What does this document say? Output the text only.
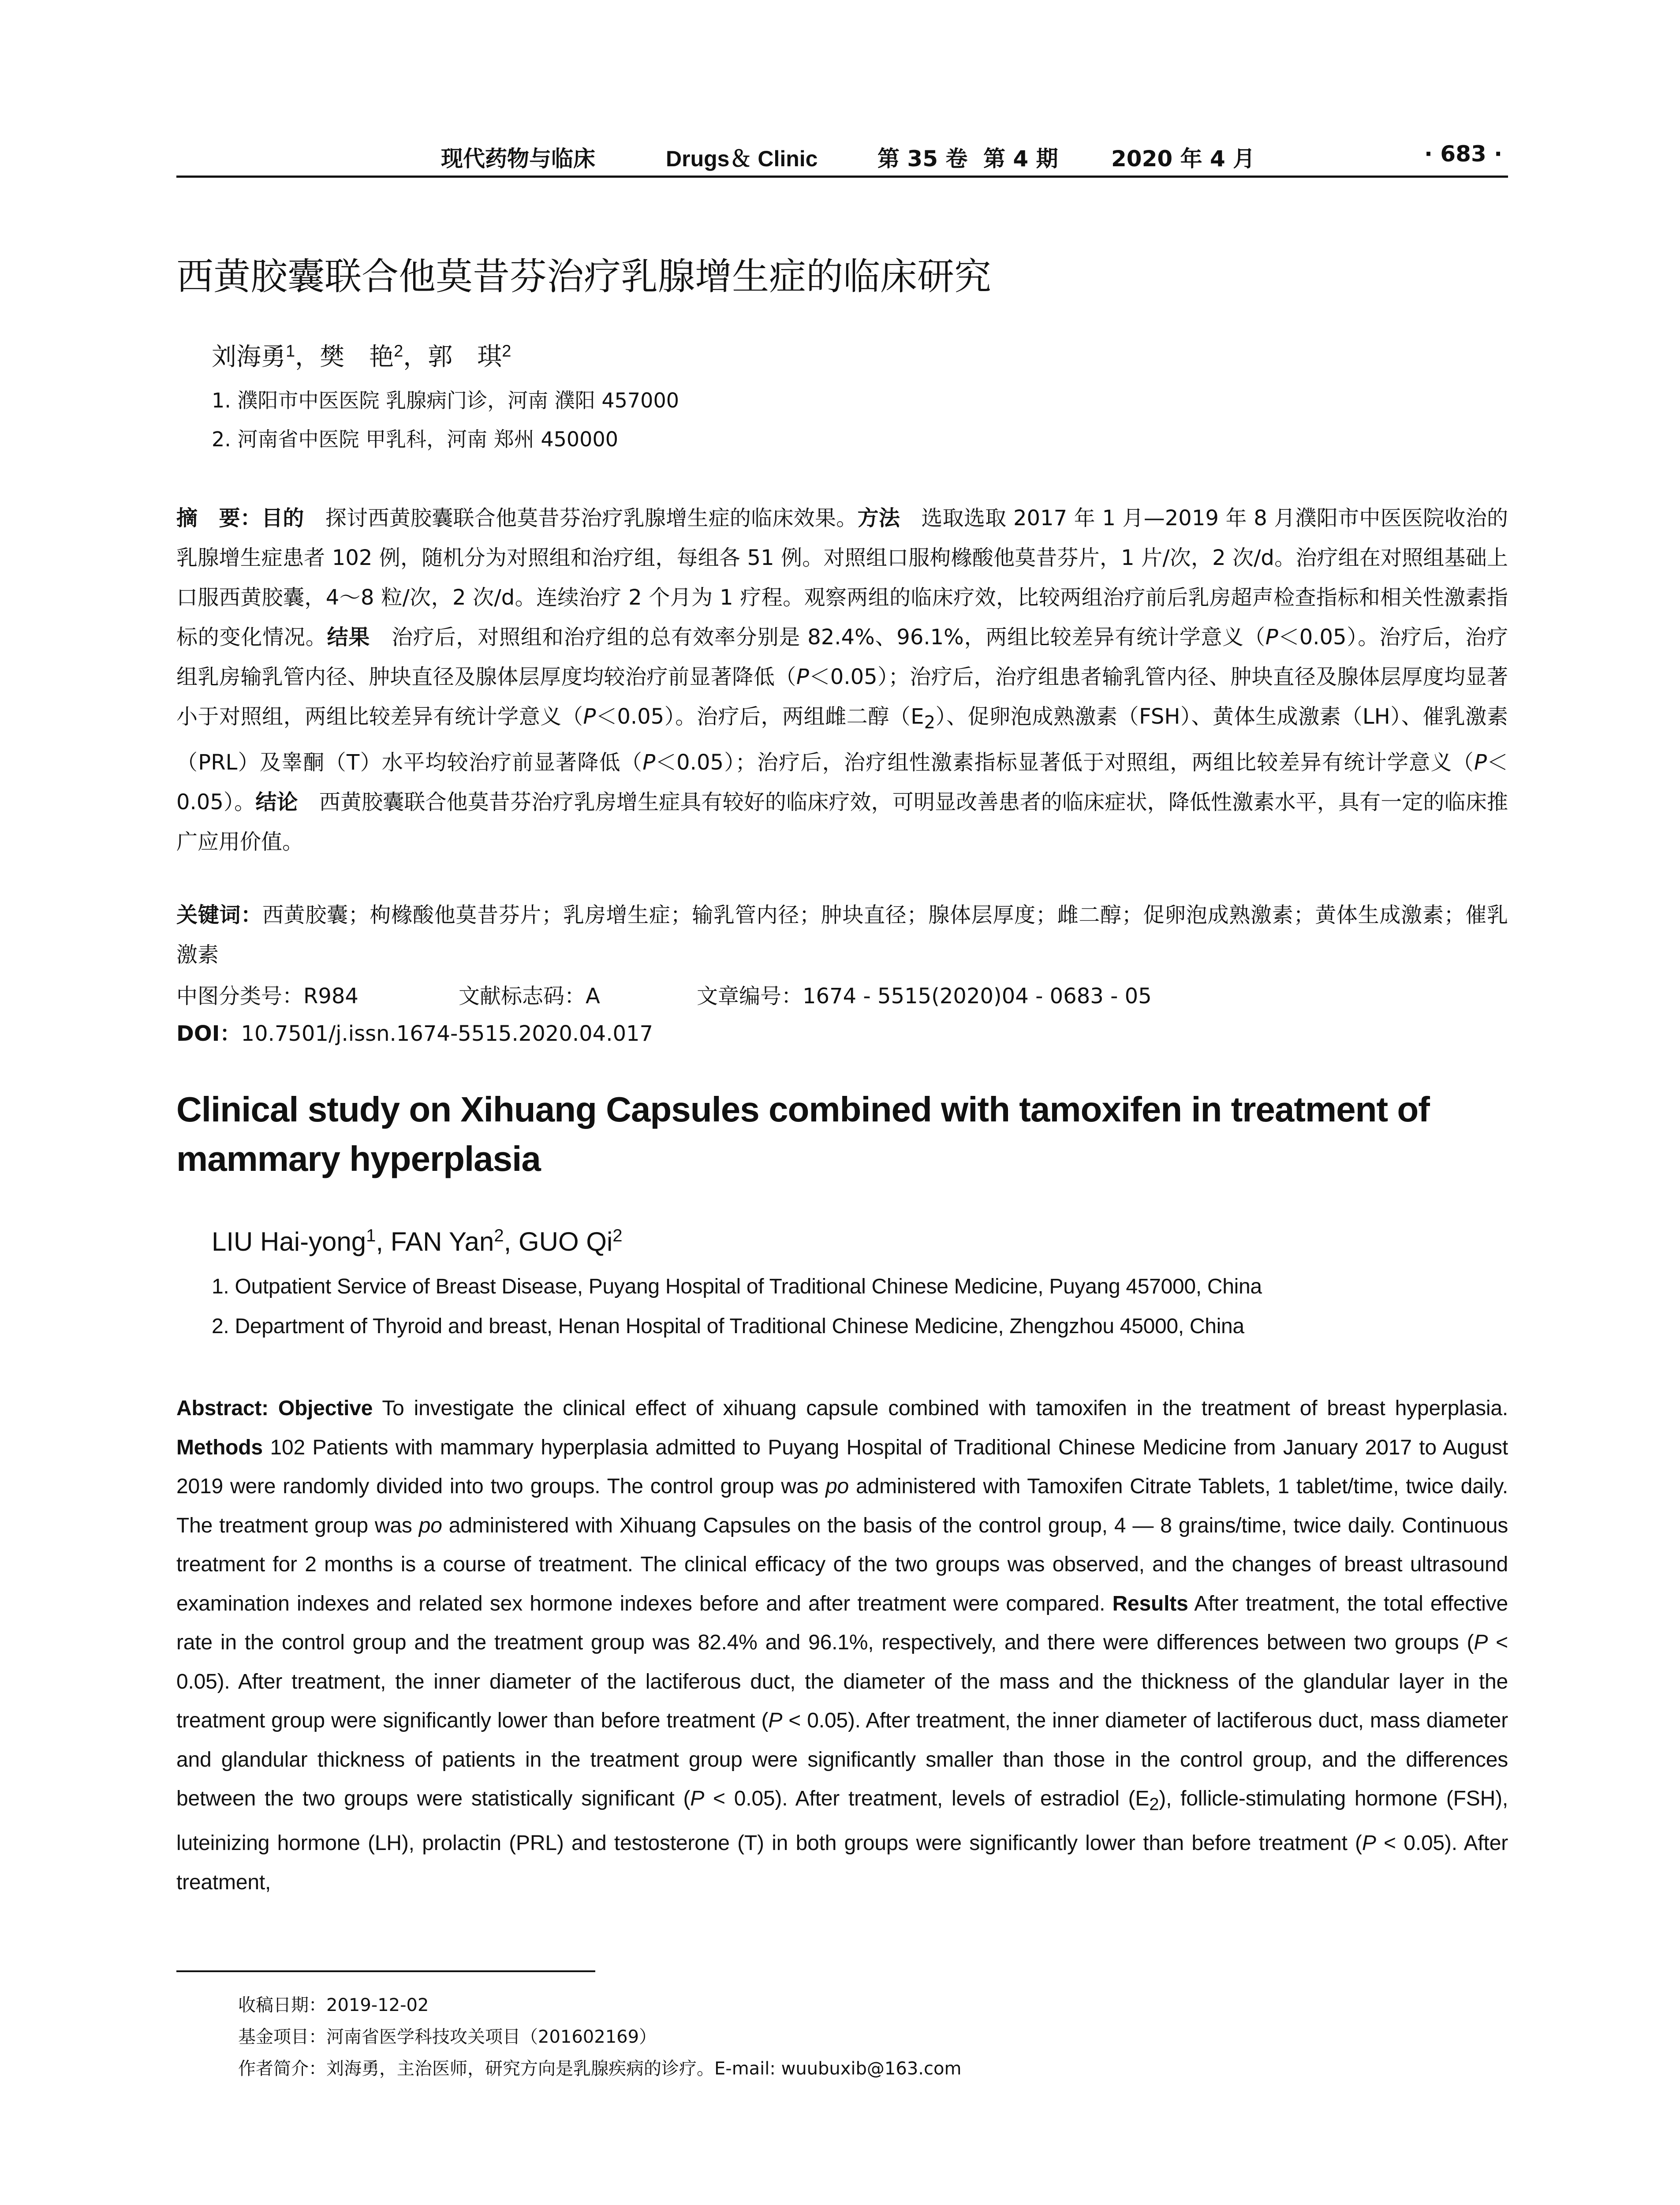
现代药物与临床	Drugs＆ Clinic	第 35 卷 第 4 期 2020 年 4 月	· 683 ·
西黄胶囊联合他莫昔芬治疗乳腺增生症的临床研究
刘海勇$^1$，樊　艳$^2$，郭　琪$^2$
1. 濮阳市中医医院 乳腺病门诊，河南 濮阳 457000
2. 河南省中医院 甲乳科，河南 郑州 450000
摘　要：目的　探讨西黄胶囊联合他莫昔芬治疗乳腺增生症的临床效果。方法　选取选取 2017 年 1 月—2019 年 8 月濮阳市中医医院收治的乳腺增生症患者 102 例，随机分为对照组和治疗组，每组各 51 例。对照组口服枸橼酸他莫昔芬片，1 片/次，2 次/d。治疗组在对照组基础上口服西黄胶囊，4～8 粒/次，2 次/d。连续治疗 2 个月为 1 疗程。观察两组的临床疗效，比较两组治疗前后乳房超声检查指标和相关性激素指标的变化情况。结果　治疗后，对照组和治疗组的总有效率分别是 82.4%、96.1%，两组比较差异有统计学意义（P＜0.05）。治疗后，治疗组乳房输乳管内径、肿块直径及腺体层厚度均较治疗前显著降低（P＜0.05）；治疗后，治疗组患者输乳管内径、肿块直径及腺体层厚度均显著小于对照组，两组比较差异有统计学意义（P＜0.05）。治疗后，两组雌二醇$(E_2)$、促卵泡成熟激素（FSH）、黄体生成激素（LH）、催乳激素（PRL）及睾酮（T）水平均较治疗前显著降低（P＜0.05）；治疗后，治疗组性激素指标显著低于对照组，两组比较差异有统计学意义（P＜0.05）。结论　西黄胶囊联合他莫昔芬治疗乳房增生症具有较好的临床疗效，可明显改善患者的临床症状，降低性激素水平，具有一定的临床推广应用价值。
关键词：西黄胶囊；枸橼酸他莫昔芬片；乳房增生症；输乳管内径；肿块直径；腺体层厚度；雌二醇；促卵泡成熟激素；黄体生成激素；催乳激素
中图分类号：R984	文献标志码：A	文章编号：1674 - 5515(2020)04 - 0683 - 05
DOI：10.7501/j.issn.1674-5515.2020.04.017
Clinical study on Xihuang Capsules combined with tamoxifen in treatment of mammary hyperplasia
LIU Hai-yong$^1$, FAN Yan$^2$, GUO Qi$^2$
1. Outpatient Service of Breast Disease, Puyang Hospital of Traditional Chinese Medicine, Puyang 457000, China
2. Department of Thyroid and breast, Henan Hospital of Traditional Chinese Medicine, Zhengzhou 45000, China
Abstract: Objective To investigate the clinical effect of xihuang capsule combined with tamoxifen in the treatment of breast hyperplasia. Methods 102 Patients with mammary hyperplasia admitted to Puyang Hospital of Traditional Chinese Medicine from January 2017 to August 2019 were randomly divided into two groups. The control group was po administered with Tamoxifen Citrate Tablets, 1 tablet/time, twice daily. The treatment group was po administered with Xihuang Capsules on the basis of the control group, 4 — 8 grains/time, twice daily. Continuous treatment for 2 months is a course of treatment. The clinical efficacy of the two groups was observed, and the changes of breast ultrasound examination indexes and related sex hormone indexes before and after treatment were compared. Results After treatment, the total effective rate in the control group and the treatment group was 82.4% and 96.1%, respectively, and there were differences between two groups (P < 0.05). After treatment, the inner diameter of the lactiferous duct, the diameter of the mass and the thickness of the glandular layer in the treatment group were significantly lower than before treatment (P < 0.05). After treatment, the inner diameter of lactiferous duct, mass diameter and glandular thickness of patients in the treatment group were significantly smaller than those in the control group, and the differences between the two groups were statistically significant (P < 0.05). After treatment, levels of estradiol $(E_2)$, follicle-stimulating hormone (FSH), luteinizing hormone (LH), prolactin (PRL) and testosterone (T) in both groups were significantly lower than before treatment (P < 0.05). After treatment,
收稿日期：2019-12-02
基金项目：河南省医学科技攻关项目（201602169）
作者简介：刘海勇，主治医师，研究方向是乳腺疾病的诊疗。E-mail: wuubuxib@163.com
